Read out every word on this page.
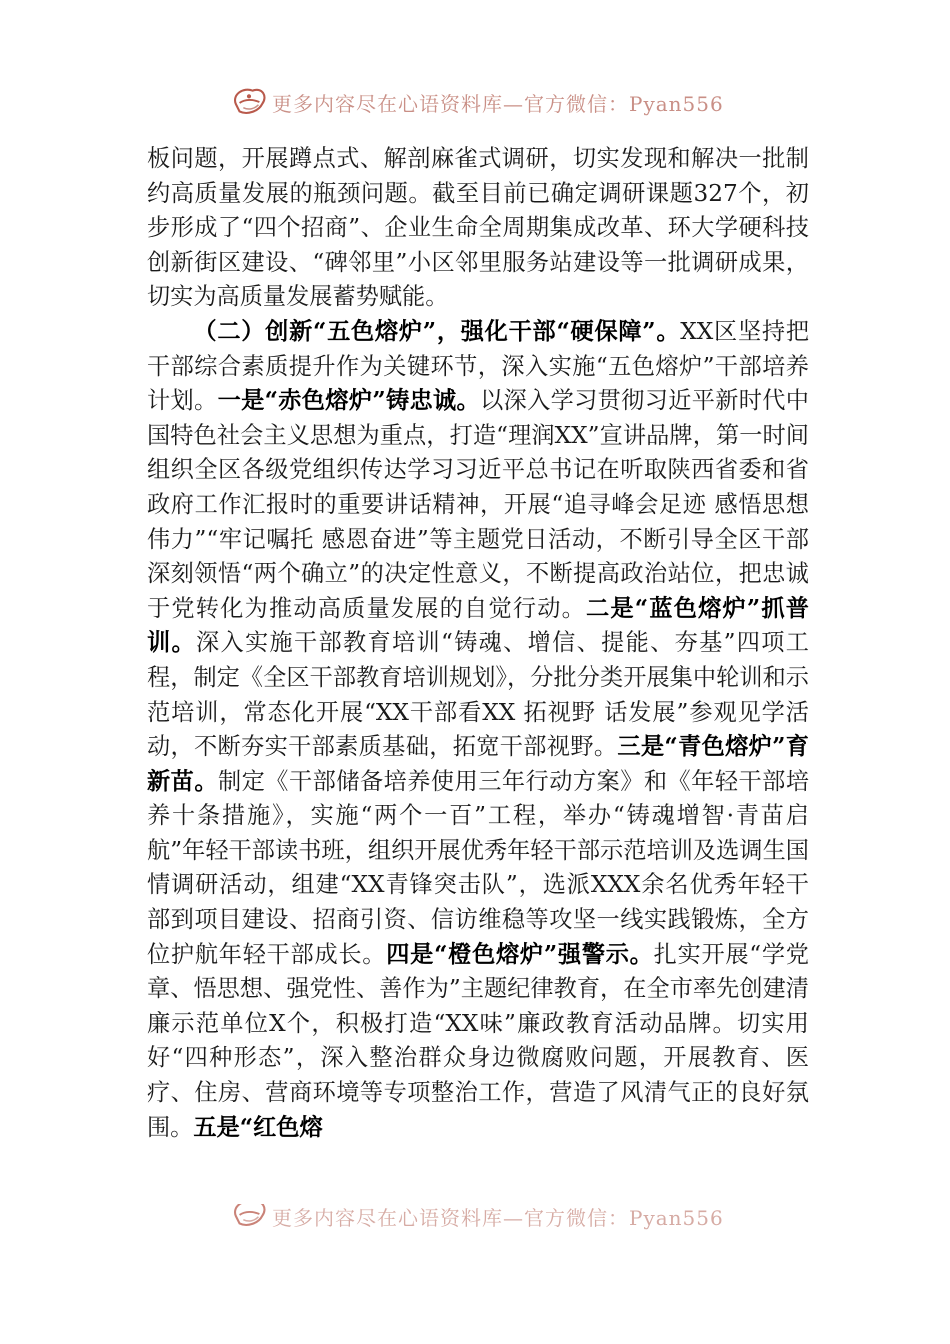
更多内容尽在心语资料库—官方微信：Pyan556

板问题，开展蹲点式、解剖麻雀式调研，切实发现和解决一批制约高质量发展的瓶颈问题。截至目前已确定调研课题327个，初步形成了“四个招商”、企业生命全周期集成改革、环大学硬科技创新街区建设、“碑邻里”小区邻里服务站建设等一批调研成果，切实为高质量发展蓄势赋能。

（二）创新“五色熔炉”，强化干部“硬保障”。XX区坚持把干部综合素质提升作为关键环节，深入实施“五色熔炉”干部培养计划。一是“赤色熔炉”铸忠诚。以深入学习贯彻习近平新时代中国特色社会主义思想为重点，打造“理润XX”宣讲品牌，第一时间组织全区各级党组织传达学习习近平总书记在听取陕西省委和省政府工作汇报时的重要讲话精神，开展“追寻峰会足迹 感悟思想伟力”“牢记嘱托 感恩奋进”等主题党日活动，不断引导全区干部深刻领悟“两个确立”的决定性意义，不断提高政治站位，把忠诚于党转化为推动高质量发展的自觉行动。二是“蓝色熔炉”抓普训。深入实施干部教育培训“铸魂、增信、提能、夯基”四项工程，制定《全区干部教育培训规划》，分批分类开展集中轮训和示范培训，常态化开展“XX干部看XX 拓视野 话发展”参观见学活动，不断夯实干部素质基础，拓宽干部视野。三是“青色熔炉”育新苗。制定《干部储备培养使用三年行动方案》和《年轻干部培养十条措施》，实施“两个一百”工程，举办“铸魂增智·青苗启航”年轻干部读书班，组织开展优秀年轻干部示范培训及选调生国情调研活动，组建“XX青锋突击队”，选派XXX余名优秀年轻干部到项目建设、招商引资、信访维稳等攻坚一线实践锻炼，全方位护航年轻干部成长。四是“橙色熔炉”强警示。扎实开展“学党章、悟思想、强党性、善作为”主题纪律教育，在全市率先创建清廉示范单位X个，积极打造“XX味”廉政教育活动品牌。切实用好“四种形态”，深入整治群众身边微腐败问题，开展教育、医疗、住房、营商环境等专项整治工作，营造了风清气正的良好氛围。五是“红色熔

更多内容尽在心语资料库—官方微信：Pyan556
